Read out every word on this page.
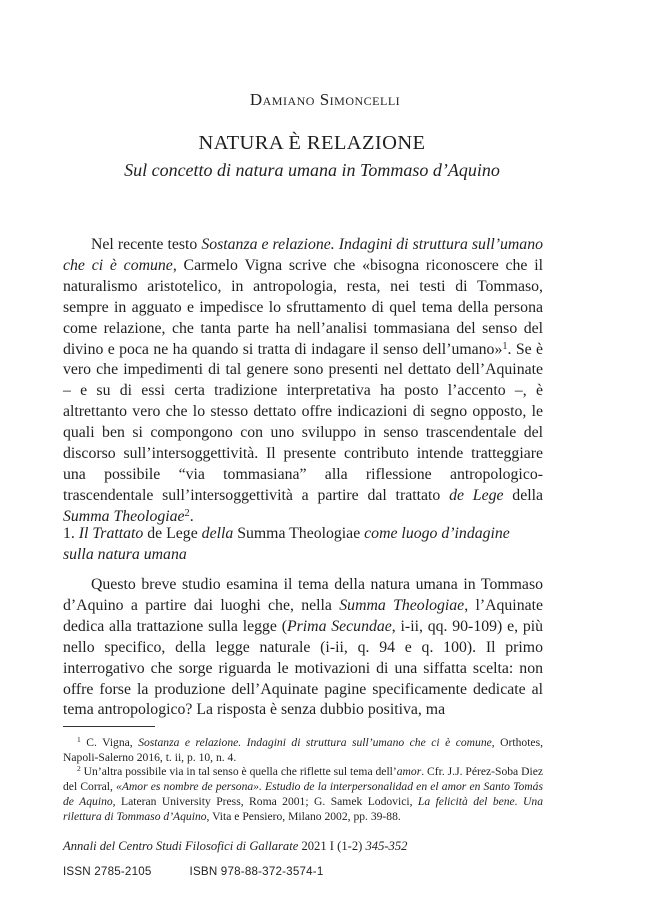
Damiano Simoncelli
NATURA È RELAZIONE
Sul concetto di natura umana in Tommaso d’Aquino

Nel recente testo Sostanza e relazione. Indagini di struttura sull’umano che ci è comune, Carmelo Vigna scrive che «bisogna riconoscere che il naturalismo aristotelico, in antropologia, resta, nei testi di Tommaso, sempre in agguato e impedisce lo sfruttamento di quel tema della persona come relazione, che tanta parte ha nell’analisi tommasiana del senso del divino e poca ne ha quando si tratta di indagare il senso dell’umano»$^1$. Se è vero che impedimenti di tal genere sono presenti nel dettato dell’Aquinate – e su di essi certa tradizione interpretativa ha posto l’accento –, è altrettanto vero che lo stesso dettato offre indicazioni di segno opposto, le quali ben si compongono con uno sviluppo in senso trascendentale del discorso sull’intersoggettività. Il presente contributo intende tratteggiare una possibile “via tommasiana” alla riflessione antropologico-trascendentale sull’intersoggettività a partire dal trattato de Lege della Summa Theologiae$^2$.

1. Il Trattato de Lege della Summa Theologiae come luogo d’indagine sulla natura umana

Questo breve studio esamina il tema della natura umana in Tommaso d’Aquino a partire dai luoghi che, nella Summa Theologiae, l’Aquinate dedica alla trattazione sulla legge (Prima Secundae, i-ii, qq. 90-109) e, più nello specifico, della legge naturale (i-ii, q. 94 e q. 100). Il primo interrogativo che sorge riguarda le motivazioni di una siffatta scelta: non offre forse la produzione dell’Aquinate pagine specificamente dedicate al tema antropologico? La risposta è senza dubbio positiva, ma

$^1$ C. Vigna, Sostanza e relazione. Indagini di struttura sull’umano che ci è comune, Orthotes, Napoli-Salerno 2016, t. ii, p. 10, n. 4.

$^2$ Un’altra possibile via in tal senso è quella che riflette sul tema dell’amor. Cfr. J.J. Pérez-Soba Diez del Corral, «Amor es nombre de persona». Estudio de la interpersonalidad en el amor en Santo Tomás de Aquino, Lateran University Press, Roma 2001; G. Samek Lodovici, La felicità del bene. Una rilettura di Tommaso d’Aquino, Vita e Pensiero, Milano 2002, pp. 39-88.

Annali del Centro Studi Filosofici di Gallarate 2021 I (1-2) 345-352
ISSN 2785-2105	ISBN 978-88-372-3574-1
